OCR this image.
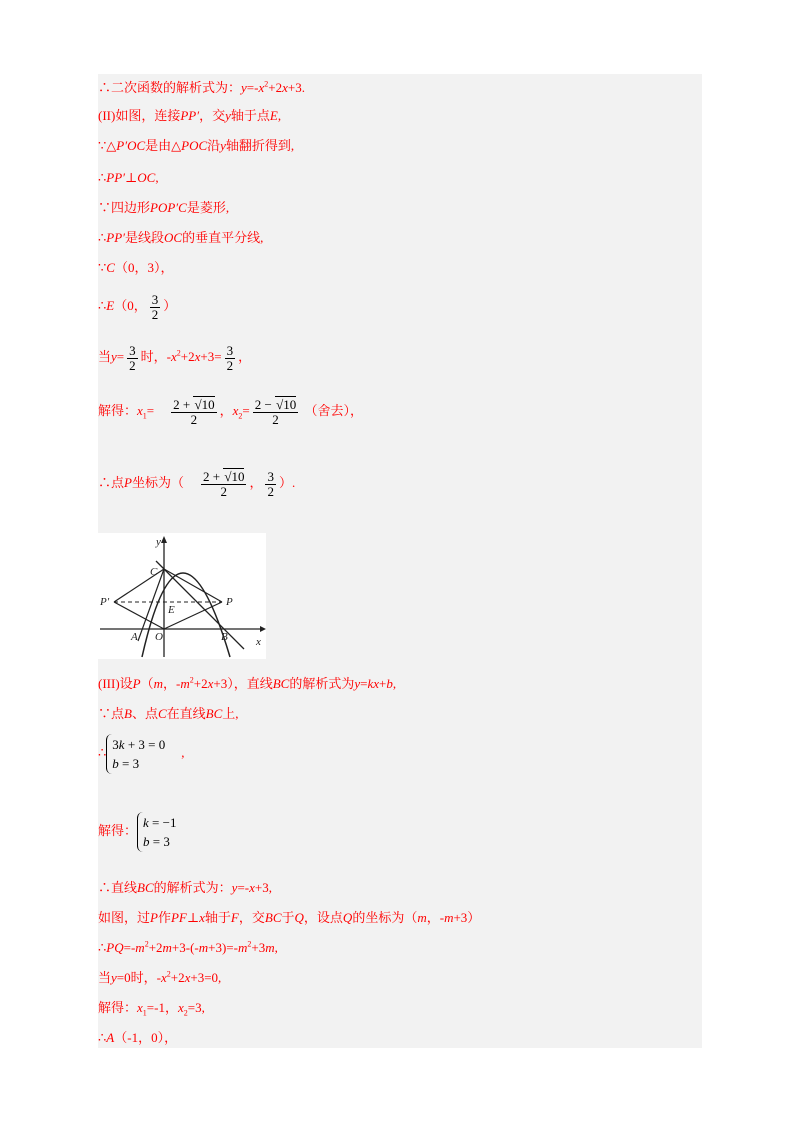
∴二次函数的解析式为：$y=-x^2+2x+3$.
(II)如图，连接PP′，交y轴于点E,
∵△P′OC是由△POC沿y轴翻折得到,
∴PP′⊥OC,
∵四边形POP′C是菱形,
∴PP′是线段OC的垂直平分线,
∵C（0，3），
∴E（0， $\frac{3}{2}$ ）
当$y= \frac{3}{2}$ 时，$-x^2+2x+3= \frac{3}{2}$ ，
解得：$x_1= \frac{2 + √10}{2}$ ，$x_2= \frac{2 - √10}{2}$ （舍去），
∴点P坐标为（ $\frac{2 + √10}{2}$ ， $\frac{3}{2}$ ）.
y
x
C
P′	P
E
A O	B
(III)设P（m，$-m^2+2x+3$），直线BC的解析式为y=kx+b,
∵点B、点C在直线BC上,
∴
3k + 3 = 0
b = 3
,
解得：
k = −1
b = 3
∴直线BC的解析式为：y=-x+3,
如图，过P作PF⊥x轴于F，交BC于Q，设点Q的坐标为（m，-m+3）
$\therefore PQ=-m^2+2m+3-(-m+3)=-m^2+3m$,
当y=0时，$-x^2+2x+3=0$,
解得：$x_1=-1$，$x_2=3$,
∴A（-1，0），
